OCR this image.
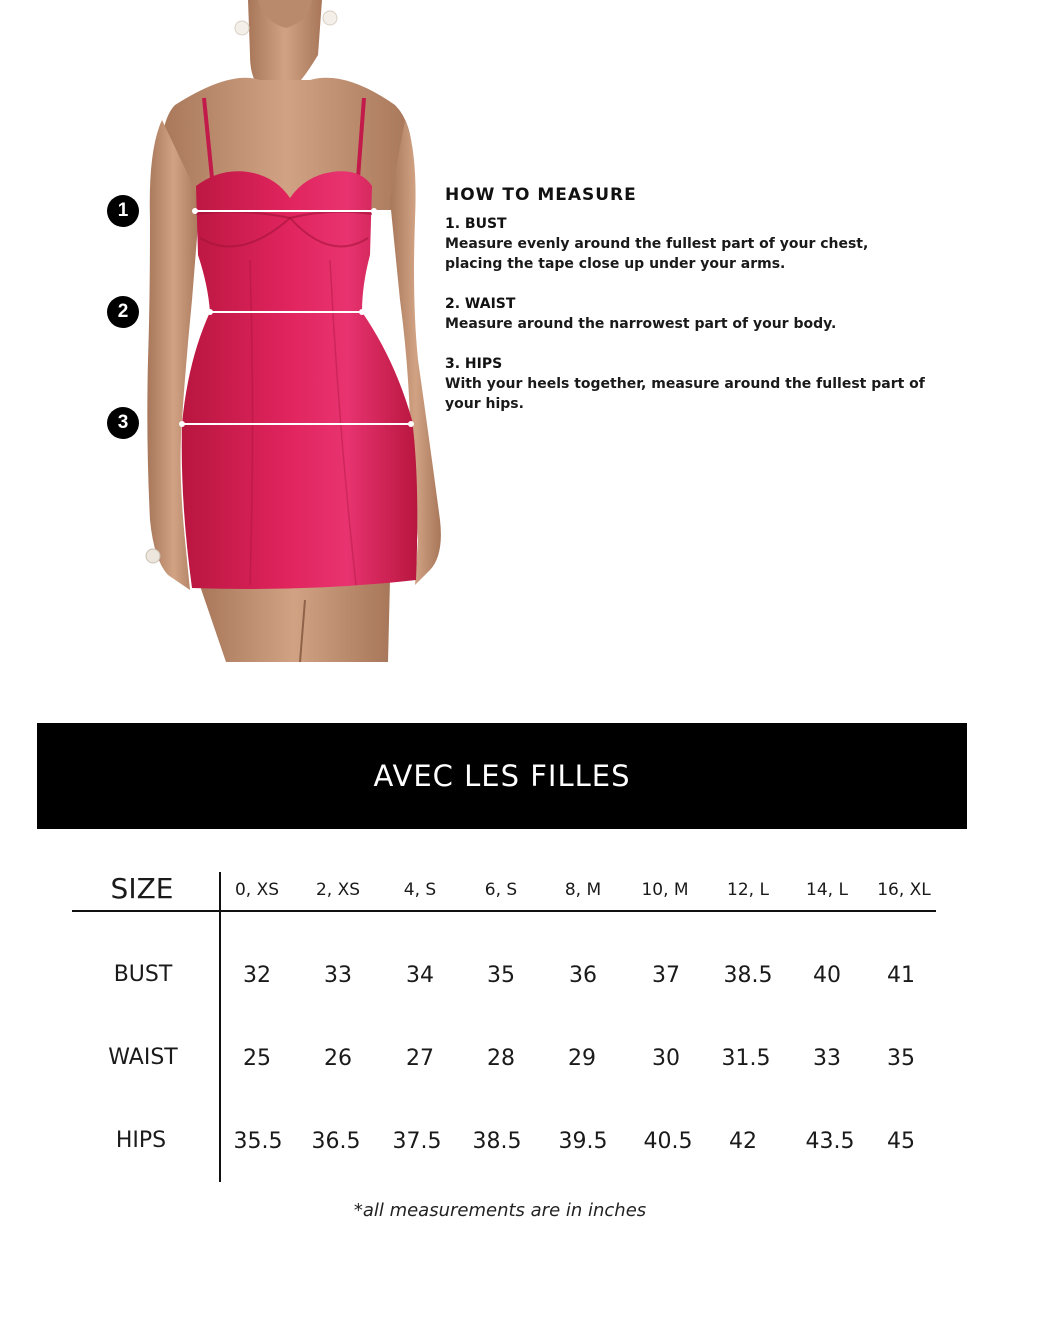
1
2
3
HOW TO MEASURE
1. BUST
Measure evenly around the fullest part of your chest, placing the tape close up under your arms.
2. WAIST
Measure around the narrowest part of your body.
3. HIPS
With your heels together, measure around the fullest part of your hips.
AVEC LES FILLES
SIZE	0, XS 2, XS	4, S	6, S	8, M 10, M 12, L 14, L 16, XL
BUST	32 33 34 35 36	37 38.5 40 41
WAIST	25 26 27 28 29	30 31.5 33 35
HIPS	35.5 36.5 37.5 38.5 39.5 40.5 42 43.5 45
*all measurements are in inches
